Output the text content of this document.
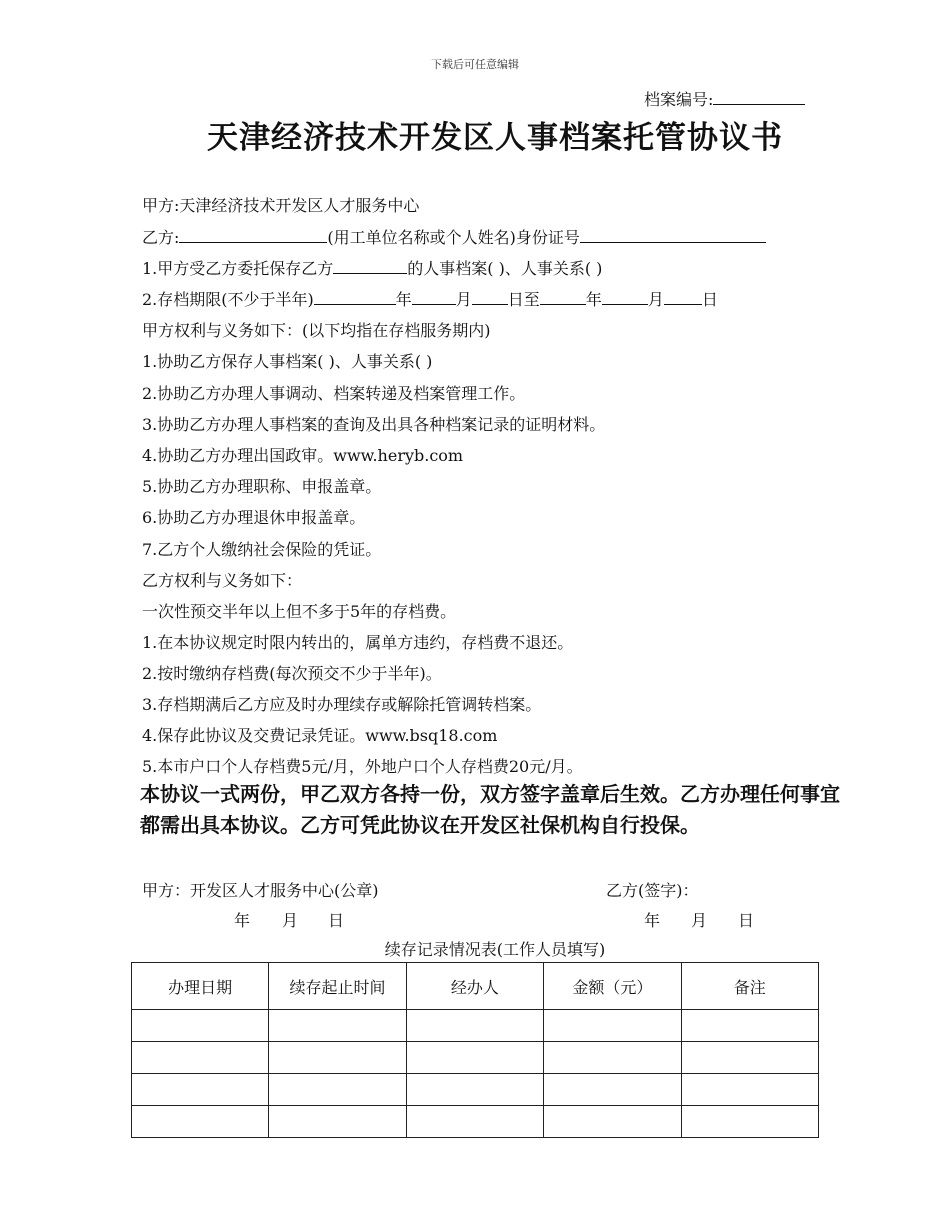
下载后可任意编辑
档案编号:
天津经济技术开发区人事档案托管协议书
甲方:天津经济技术开发区人才服务中心
乙方:	(用工单位名称或个人姓名)身份证号
1.甲方受乙方委托保存乙方	的人事档案( )、人事关系( )
2.存档期限(不少于半年)	年	月 日至	年	月 日
甲方权利与义务如下：(以下均指在存档服务期内)
1.协助乙方保存人事档案( )、人事关系( )
2.协助乙方办理人事调动、档案转递及档案管理工作。
3.协助乙方办理人事档案的查询及出具各种档案记录的证明材料。
4.协助乙方办理出国政审。www.heryb.com
5.协助乙方办理职称、申报盖章。
6.协助乙方办理退休申报盖章。
7.乙方个人缴纳社会保险的凭证。
乙方权利与义务如下：
一次性预交半年以上但不多于5年的存档费。
1.在本协议规定时限内转出的，属单方违约，存档费不退还。
2.按时缴纳存档费(每次预交不少于半年)。
3.存档期满后乙方应及时办理续存或解除托管调转档案。
4.保存此协议及交费记录凭证。www.bsq18.com
5.本市户口个人存档费5元/月，外地户口个人存档费20元/月。
本协议一式两份，甲乙双方各持一份，双方签字盖章后生效。乙方办理任何事宜都需出具本协议。乙方可凭此协议在开发区社保机构自行投保。
甲方：开发区人才服务中心(公章)	乙方(签字)：
年 月 日	年 月 日
续存记录情况表(工作人员填写)
办理日期	续存起止时间	经办人	金额（元）	备注
